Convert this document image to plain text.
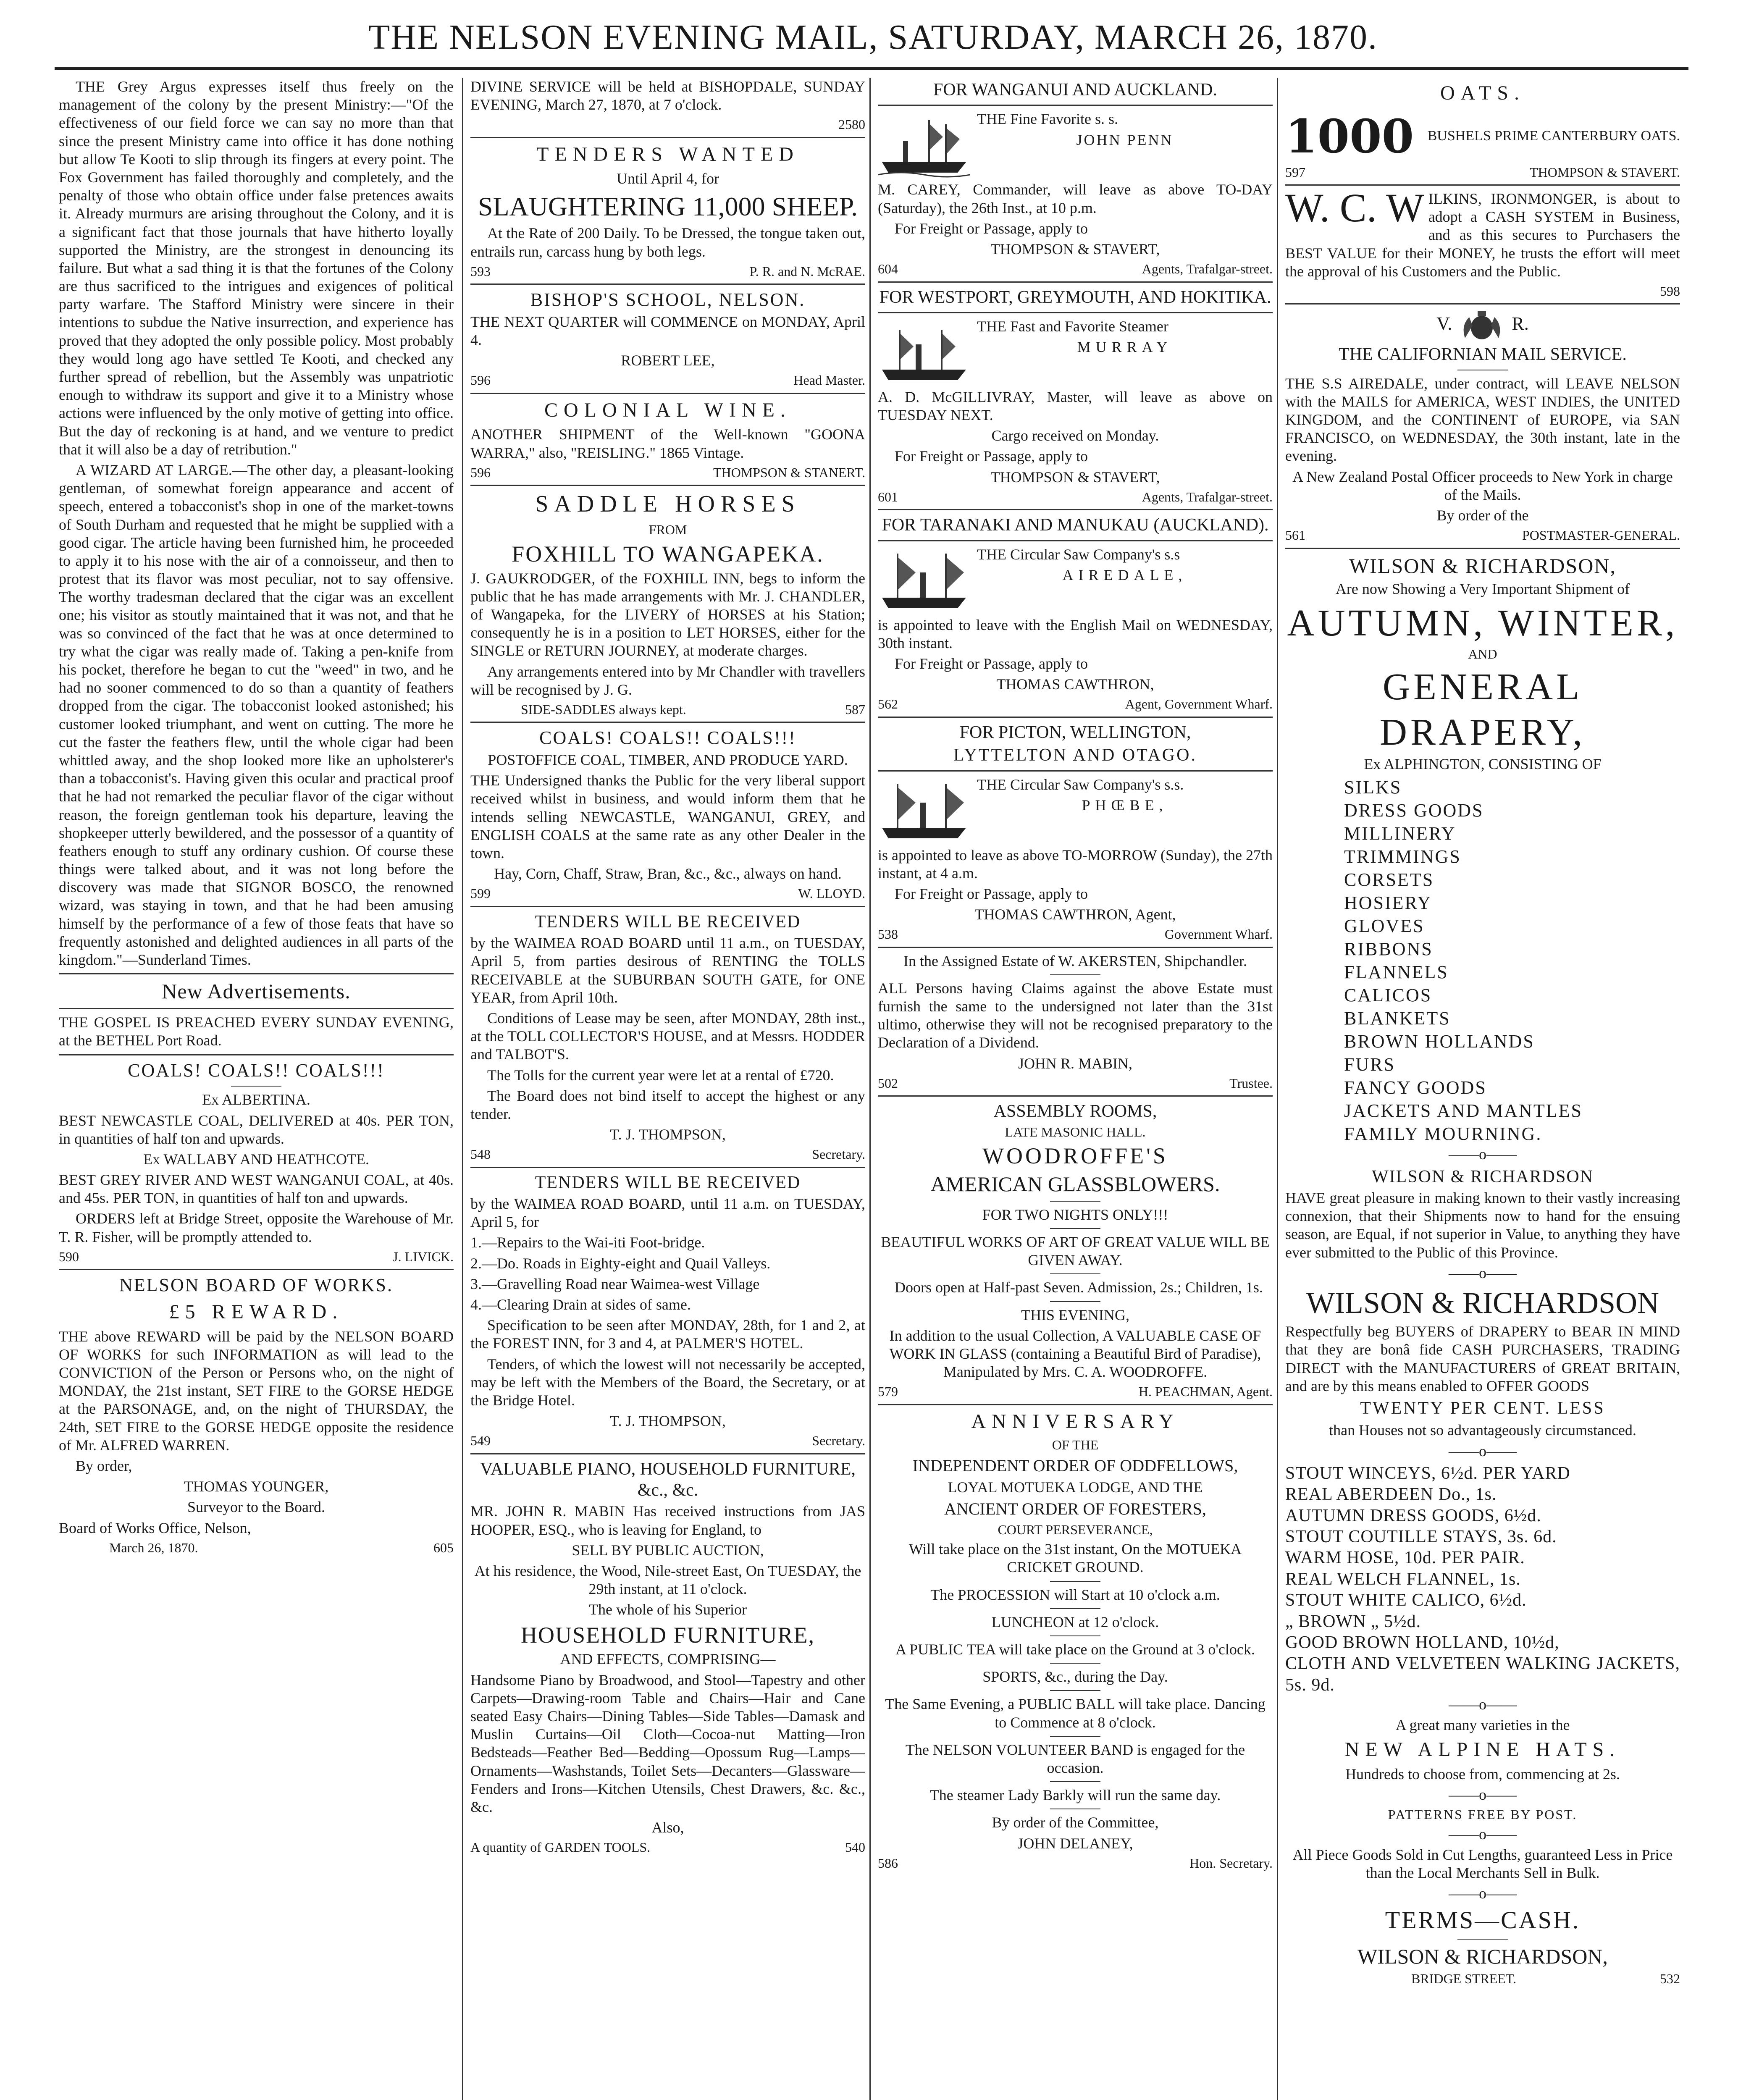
THE NELSON EVENING MAIL, SATURDAY, MARCH 26, 1870.

THE Grey Argus expresses itself thus freely on the management of the colony by the present Ministry:—"Of the effectiveness of our field force we can say no more than that since the present Ministry came into office it has done nothing but allow Te Kooti to slip through its fingers at every point. The Fox Government has failed thoroughly and completely, and the penalty of those who obtain office under false pretences awaits it. Already murmurs are arising throughout the Colony, and it is a significant fact that those journals that have hitherto loyally supported the Ministry, are the strongest in denouncing its failure. But what a sad thing it is that the fortunes of the Colony are thus sacrificed to the intrigues and exigences of political party warfare. The Stafford Ministry were sincere in their intentions to subdue the Native insurrection, and experience has proved that they adopted the only possible policy. Most probably they would long ago have settled Te Kooti, and checked any further spread of rebellion, but the Assembly was unpatriotic enough to withdraw its support and give it to a Ministry whose actions were influenced by the only motive of getting into office. But the day of reckoning is at hand, and we venture to predict that it will also be a day of retribution."

A WIZARD AT LARGE.—The other day, a pleasant-looking gentleman, of somewhat foreign appearance and accent of speech, entered a tobacconist's shop in one of the market-towns of South Durham and requested that he might be supplied with a good cigar. The article having been furnished him, he proceeded to apply it to his nose with the air of a connoisseur, and then to protest that its flavor was most peculiar, not to say offensive. The worthy tradesman declared that the cigar was an excellent one; his visitor as stoutly maintained that it was not, and that he was so convinced of the fact that he was at once determined to try what the cigar was really made of. Taking a pen-knife from his pocket, therefore he began to cut the "weed" in two, and he had no sooner commenced to do so than a quantity of feathers dropped from the cigar. The tobacconist looked astonished; his customer looked triumphant, and went on cutting. The more he cut the faster the feathers flew, until the whole cigar had been whittled away, and the shop looked more like an upholsterer's than a tobacconist's. Having given this ocular and practical proof that he had not remarked the peculiar flavor of the cigar without reason, the foreign gentleman took his departure, leaving the shopkeeper utterly bewildered, and the possessor of a quantity of feathers enough to stuff any ordinary cushion. Of course these things were talked about, and it was not long before the discovery was made that SIGNOR BOSCO, the renowned wizard, was staying in town, and that he had been amusing himself by the performance of a few of those feats that have so frequently astonished and delighted audiences in all parts of the kingdom."—Sunderland Times.

New Advertisements.

THE GOSPEL IS PREACHED EVERY SUNDAY EVENING, at the BETHEL Port Road.

COALS! COALS!! COALS!!!

Ex ALBERTINA.

BEST NEWCASTLE COAL, DELIVERED at 40s. PER TON, in quantities of half ton and upwards.

Ex WALLABY AND HEATHCOTE.

BEST GREY RIVER AND WEST WANGANUI COAL, at 40s. and 45s. PER TON, in quantities of half ton and upwards.

ORDERS left at Bridge Street, opposite the Warehouse of Mr. T. R. Fisher, will be promptly attended to.

590	J. LIVICK.
NELSON BOARD OF WORKS.
£5 REWARD.

THE above REWARD will be paid by the NELSON BOARD OF WORKS for such INFORMATION as will lead to the CONVICTION of the Person or Persons who, on the night of MONDAY, the 21st instant, SET FIRE to the GORSE HEDGE at the PARSONAGE, and, on the night of THURSDAY, the 24th, SET FIRE to the GORSE HEDGE opposite the residence of Mr. ALFRED WARREN.

By order,

THOMAS YOUNGER,

Surveyor to the Board.

Board of Works Office, Nelson,

March 26, 1870.	605

DIVINE SERVICE will be held at BISHOPDALE, SUNDAY EVENING, March 27, 1870, at 7 o'clock.

2580
TENDERS WANTED

Until April 4, for

SLAUGHTERING 11,000 SHEEP.

At the Rate of 200 Daily. To be Dressed, the tongue taken out, entrails run, carcass hung by both legs.

593	P. R. and N. McRAE.
BISHOP'S SCHOOL, NELSON.

THE NEXT QUARTER will COMMENCE on MONDAY, April 4.

ROBERT LEE,

596	Head Master.
COLONIAL WINE.

ANOTHER SHIPMENT of the Well-known "GOONA WARRA," also, "REISLING." 1865 Vintage.

596	THOMPSON & STANERT.
SADDLE HORSES

FROM

FOXHILL TO WANGAPEKA.

J. GAUKRODGER, of the FOXHILL INN, begs to inform the public that he has made arrangements with Mr. J. CHANDLER, of Wangapeka, for the LIVERY of HORSES at his Station; consequently he is in a position to LET HORSES, either for the SINGLE or RETURN JOURNEY, at moderate charges.

Any arrangements entered into by Mr Chandler with travellers will be recognised by J. G.

SIDE-SADDLES always kept.	587
COALS! COALS!! COALS!!!

POSTOFFICE COAL, TIMBER, AND PRODUCE YARD.

THE Undersigned thanks the Public for the very liberal support received whilst in business, and would inform them that he intends selling NEWCASTLE, WANGANUI, GREY, and ENGLISH COALS at the same rate as any other Dealer in the town.

Hay, Corn, Chaff, Straw, Bran, &c., &c., always on hand.

599	W. LLOYD.
TENDERS WILL BE RECEIVED

by the WAIMEA ROAD BOARD until 11 a.m., on TUESDAY, April 5, from parties desirous of RENTING the TOLLS RECEIVABLE at the SUBURBAN SOUTH GATE, for ONE YEAR, from April 10th.

Conditions of Lease may be seen, after MONDAY, 28th inst., at the TOLL COLLECTOR'S HOUSE, and at Messrs. HODDER and TALBOT'S.

The Tolls for the current year were let at a rental of £720.

The Board does not bind itself to accept the highest or any tender.

T. J. THOMPSON,

548	Secretary.
TENDERS WILL BE RECEIVED

by the WAIMEA ROAD BOARD, until 11 a.m. on TUESDAY, April 5, for

1.—Repairs to the Wai-iti Foot-bridge.

2.—Do. Roads in Eighty-eight and Quail Valleys.

3.—Gravelling Road near Waimea-west Village

4.—Clearing Drain at sides of same.

Specification to be seen after MONDAY, 28th, for 1 and 2, at the FOREST INN, for 3 and 4, at PALMER'S HOTEL.

Tenders, of which the lowest will not necessarily be accepted, may be left with the Members of the Board, the Secretary, or at the Bridge Hotel.

T. J. THOMPSON,

549	Secretary.
VALUABLE PIANO, HOUSEHOLD FURNITURE, &c., &c.

MR. JOHN R. MABIN Has received instructions from JAS HOOPER, ESQ., who is leaving for England, to

SELL BY PUBLIC AUCTION,

At his residence, the Wood, Nile-street East, On TUESDAY, the 29th instant, at 11 o'clock.

The whole of his Superior

HOUSEHOLD FURNITURE,

AND EFFECTS, COMPRISING—

Handsome Piano by Broadwood, and Stool—Tapestry and other Carpets—Drawing-room Table and Chairs—Hair and Cane seated Easy Chairs—Dining Tables—Side Tables—Damask and Muslin Curtains—Oil Cloth—Cocoa-nut Matting—Iron Bedsteads—Feather Bed—Bedding—Opossum Rug—Lamps—Ornaments—Washstands, Toilet Sets—Decanters—Glassware—Fenders and Irons—Kitchen Utensils, Chest Drawers, &c. &c., &c.

Also,

A quantity of GARDEN TOOLS.	540
FOR WANGANUI AND AUCKLAND.

THE Fine Favorite s. s.

JOHN PENN

M. CAREY, Commander, will leave as above TO-DAY (Saturday), the 26th Inst., at 10 p.m.

For Freight or Passage, apply to

THOMPSON & STAVERT,

604	Agents, Trafalgar-street.
FOR WESTPORT, GREYMOUTH, AND HOKITIKA.

THE Fast and Favorite Steamer

MURRAY

A. D. McGILLIVRAY, Master, will leave as above on TUESDAY NEXT.

Cargo received on Monday.

For Freight or Passage, apply to

THOMPSON & STAVERT,

601	Agents, Trafalgar-street.
FOR TARANAKI AND MANUKAU (AUCKLAND).

THE Circular Saw Company's s.s

AIREDALE,

is appointed to leave with the English Mail on WEDNESDAY, 30th instant.

For Freight or Passage, apply to

THOMAS CAWTHRON,

562	Agent, Government Wharf.
FOR PICTON, WELLINGTON,
LYTTELTON AND OTAGO.

THE Circular Saw Company's s.s.

PHŒBE,

is appointed to leave as above TO-MORROW (Sunday), the 27th instant, at 4 a.m.

For Freight or Passage, apply to

THOMAS CAWTHRON, Agent,

538	Government Wharf.

In the Assigned Estate of W. AKERSTEN, Shipchandler.

ALL Persons having Claims against the above Estate must furnish the same to the undersigned not later than the 31st ultimo, otherwise they will not be recognised preparatory to the Declaration of a Dividend.

JOHN R. MABIN,

502	Trustee.
ASSEMBLY ROOMS,

LATE MASONIC HALL.

WOODROFFE'S
AMERICAN GLASSBLOWERS.

FOR TWO NIGHTS ONLY!!!

BEAUTIFUL WORKS OF ART OF GREAT VALUE WILL BE GIVEN AWAY.

Doors open at Half-past Seven. Admission, 2s.; Children, 1s.

THIS EVENING,

In addition to the usual Collection, A VALUABLE CASE OF WORK IN GLASS (containing a Beautiful Bird of Paradise), Manipulated by Mrs. C. A. WOODROFFE.

579	H. PEACHMAN, Agent.
ANNIVERSARY

OF THE

INDEPENDENT ORDER OF ODDFELLOWS,

LOYAL MOTUEKA LODGE, AND THE

ANCIENT ORDER OF FORESTERS,

COURT PERSEVERANCE,

Will take place on the 31st instant, On the MOTUEKA CRICKET GROUND.

The PROCESSION will Start at 10 o'clock a.m.

LUNCHEON at 12 o'clock.

A PUBLIC TEA will take place on the Ground at 3 o'clock.

SPORTS, &c., during the Day.

The Same Evening, a PUBLIC BALL will take place. Dancing to Commence at 8 o'clock.

The NELSON VOLUNTEER BAND is engaged for the occasion.

The steamer Lady Barkly will run the same day.

By order of the Committee,

JOHN DELANEY,

586	Hon. Secretary.
OATS.
1000 BUSHELS PRIME CANTERBURY OATS.
597	THOMPSON & STAVERT.

W. C. W ILKINS, IRONMONGER, is about to adopt a CASH SYSTEM in Business, and as this secures to Purchasers the BEST VALUE for their MONEY, he trusts the effort will meet the approval of his Customers and the Public.

598
V.	R.
THE CALIFORNIAN MAIL SERVICE.

THE S.S AIREDALE, under contract, will LEAVE NELSON with the MAILS for AMERICA, WEST INDIES, the UNITED KINGDOM, and the CONTINENT of EUROPE, via SAN FRANCISCO, on WEDNESDAY, the 30th instant, late in the evening.

A New Zealand Postal Officer proceeds to New York in charge of the Mails.

By order of the

561	POSTMASTER-GENERAL.
WILSON & RICHARDSON,

Are now Showing a Very Important Shipment of

AUTUMN, WINTER,

AND

GENERAL DRAPERY,

Ex ALPHINGTON, CONSISTING OF

SILKS
DRESS GOODS
MILLINERY
TRIMMINGS
CORSETS
HOSIERY
GLOVES
RIBBONS
FLANNELS
CALICOS
BLANKETS
BROWN HOLLANDS
FURS
FANCY GOODS
JACKETS AND MANTLES
FAMILY MOURNING.

——o——

WILSON & RICHARDSON

HAVE great pleasure in making known to their vastly increasing connexion, that their Shipments now to hand for the ensuing season, are Equal, if not superior in Value, to anything they have ever submitted to the Public of this Province.

——o——

WILSON & RICHARDSON

Respectfully beg BUYERS of DRAPERY to BEAR IN MIND that they are bonâ fide CASH PURCHASERS, TRADING DIRECT with the MANUFACTURERS of GREAT BRITAIN, and are by this means enabled to OFFER GOODS

TWENTY PER CENT. LESS

than Houses not so advantageously circumstanced.

——o——

STOUT WINCEYS, 6½d. PER YARD
REAL ABERDEEN Do., 1s.
AUTUMN DRESS GOODS, 6½d.
STOUT COUTILLE STAYS, 3s. 6d.
WARM HOSE, 10d. PER PAIR.
REAL WELCH FLANNEL, 1s.
STOUT WHITE CALICO, 6½d.
„ BROWN „ 5½d.
GOOD BROWN HOLLAND, 10½d,
CLOTH AND VELVETEEN WALKING JACKETS, 5s. 9d.

——o——

A great many varieties in the

NEW ALPINE HATS.

Hundreds to choose from, commencing at 2s.

——o——

PATTERNS FREE BY POST.

——o——

All Piece Goods Sold in Cut Lengths, guaranteed Less in Price than the Local Merchants Sell in Bulk.

——o——

TERMS—CASH.
WILSON & RICHARDSON,
BRIDGE STREET.	532
